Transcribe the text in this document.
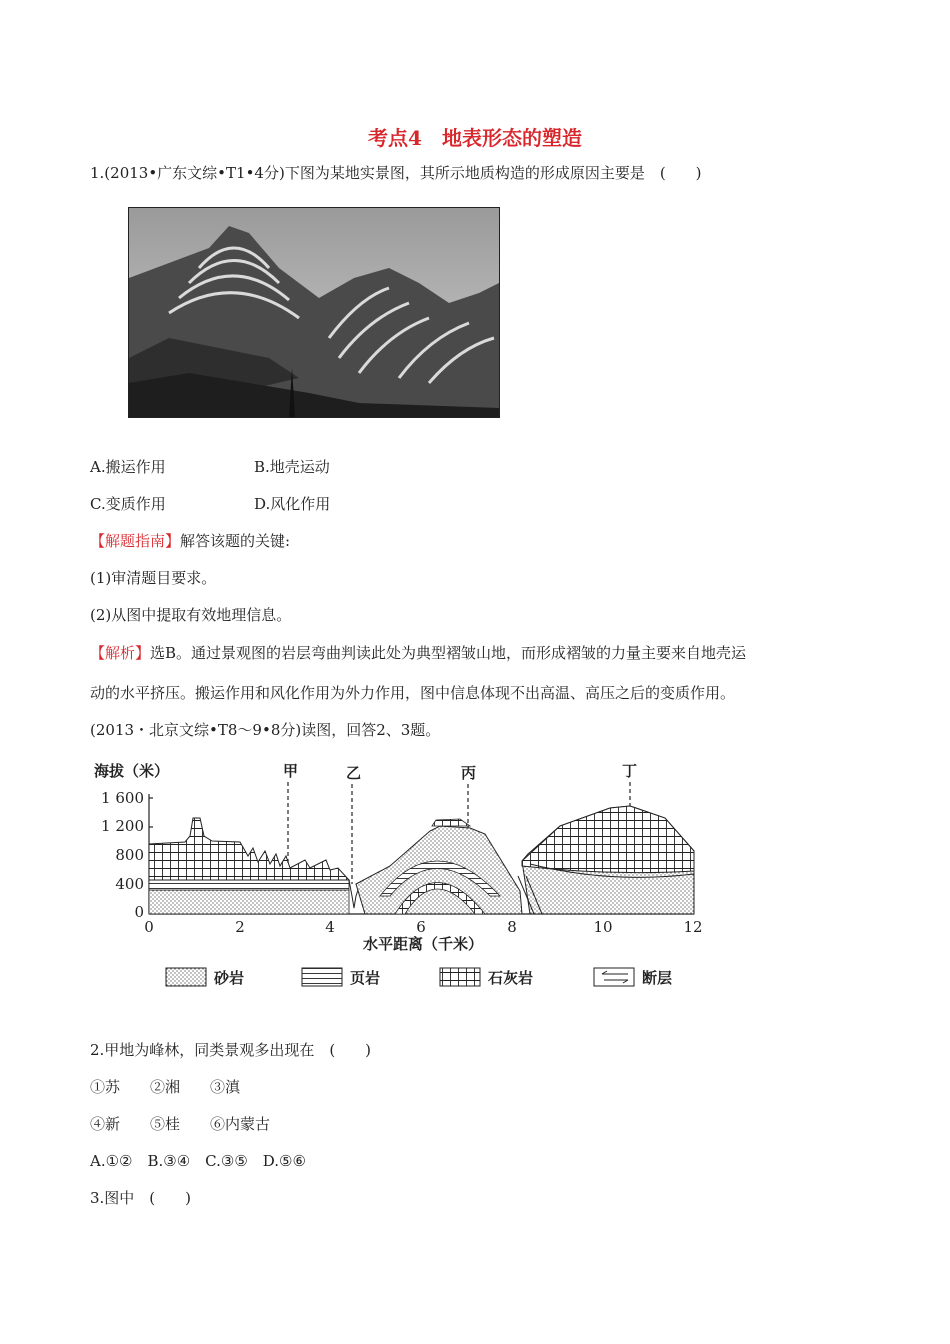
考点4　地表形态的塑造
1.(2013•广东文综•T1•4分)下图为某地实景图，其所示地质构造的形成原因主要是　(　　)
A.搬运作用	B.地壳运动
C.变质作用	D.风化作用
【解题指南】解答该题的关键:
(1)审清题目要求。
(2)从图中提取有效地理信息。
【解析】选B。通过景观图的岩层弯曲判读此处为典型褶皱山地，而形成褶皱的力量主要来自地壳运
动的水平挤压。搬运作用和风化作用为外力作用，图中信息体现不出高温、高压之后的变质作用。
(2013・北京文综•T8～9•8分)读图，回答2、3题。
海拔（米）	甲	乙	丙	丁
1 600
1 200
800
400
0
0	2	4	6	8	10	12
水平距离（千米）
砂岩	页岩	石灰岩	断层
2.甲地为峰林，同类景观多出现在　(　　)
①苏　　②湘　　③滇
④新　　⑤桂　　⑥内蒙古
A.①②　B.③④　C.③⑤　D.⑤⑥
3.图中　(　　)
